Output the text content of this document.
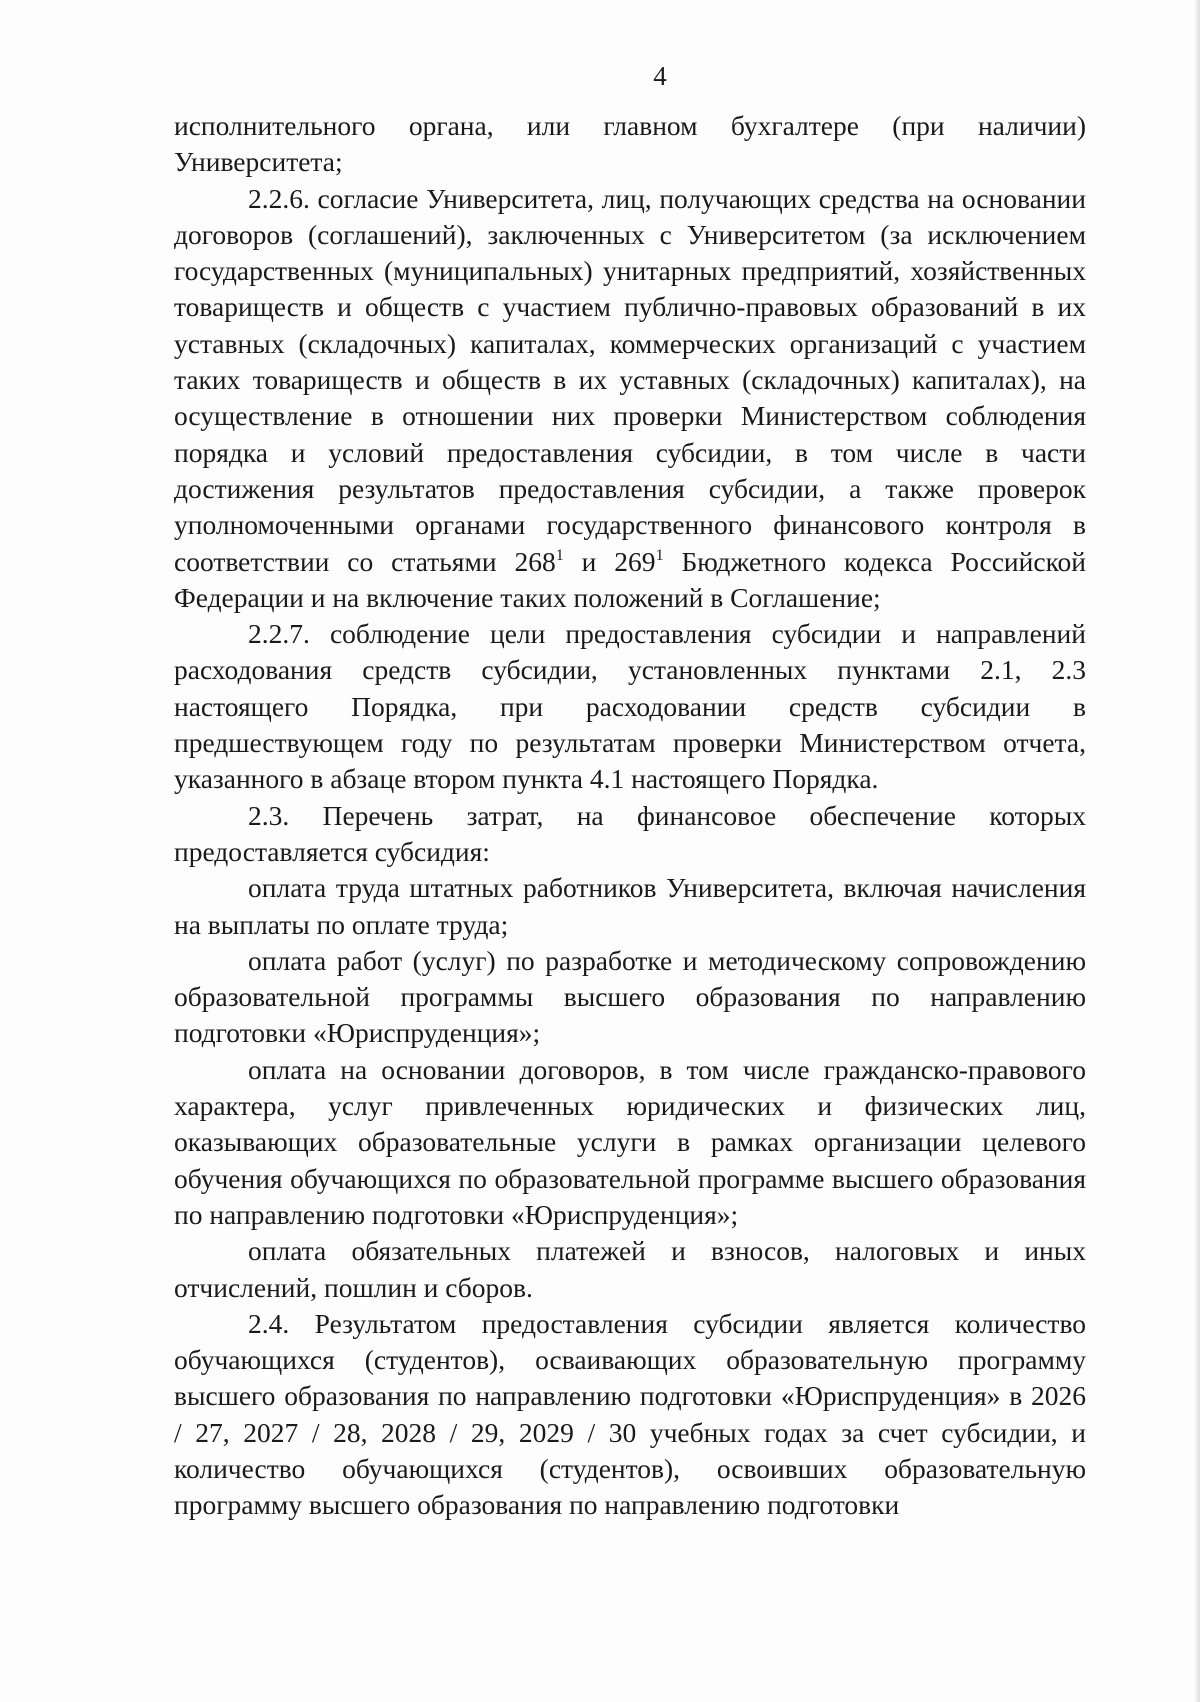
4

исполнительного органа, или главном бухгалтере (при наличии) Университета;

2.2.6. согласие Университета, лиц, получающих средства на основании договоров (соглашений), заключенных с Университетом (за исключением государственных (муниципальных) унитарных предприятий, хозяйственных товариществ и обществ с участием публично-правовых образований в их уставных (складочных) капиталах, коммерческих организаций с участием таких товариществ и обществ в их уставных (складочных) капиталах), на осуществление в отношении них проверки Министерством соблюдения порядка и условий предоставления субсидии, в том числе в части достижения результатов предоставления субсидии, а также проверок уполномоченными органами государственного финансового контроля в соответствии со статьями $268^1$ и $269^1$ Бюджетного кодекса Российской Федерации и на включение таких положений в Соглашение;

2.2.7. соблюдение цели предоставления субсидии и направлений расходования средств субсидии, установленных пунктами 2.1, 2.3 настоящего Порядка, при расходовании средств субсидии в предшествующем году по результатам проверки Министерством отчета, указанного в абзаце втором пункта 4.1 настоящего Порядка.

2.3. Перечень затрат, на финансовое обеспечение которых предоставляется субсидия:

оплата труда штатных работников Университета, включая начисления на выплаты по оплате труда;

оплата работ (услуг) по разработке и методическому сопровождению образовательной программы высшего образования по направлению подготовки «Юриспруденция»;

оплата на основании договоров, в том числе гражданско-правового характера, услуг привлеченных юридических и физических лиц, оказывающих образовательные услуги в рамках организации целевого обучения обучающихся по образовательной программе высшего образования по направлению подготовки «Юриспруденция»;

оплата обязательных платежей и взносов, налоговых и иных отчислений, пошлин и сборов.

2.4. Результатом предоставления субсидии является количество обучающихся (студентов), осваивающих образовательную программу высшего образования по направлению подготовки «Юриспруденция» в 2026 / 27, 2027 / 28, 2028 / 29, 2029 / 30 учебных годах за счет субсидии, и количество обучающихся (студентов), освоивших образовательную программу высшего образования по направлению подготовки
